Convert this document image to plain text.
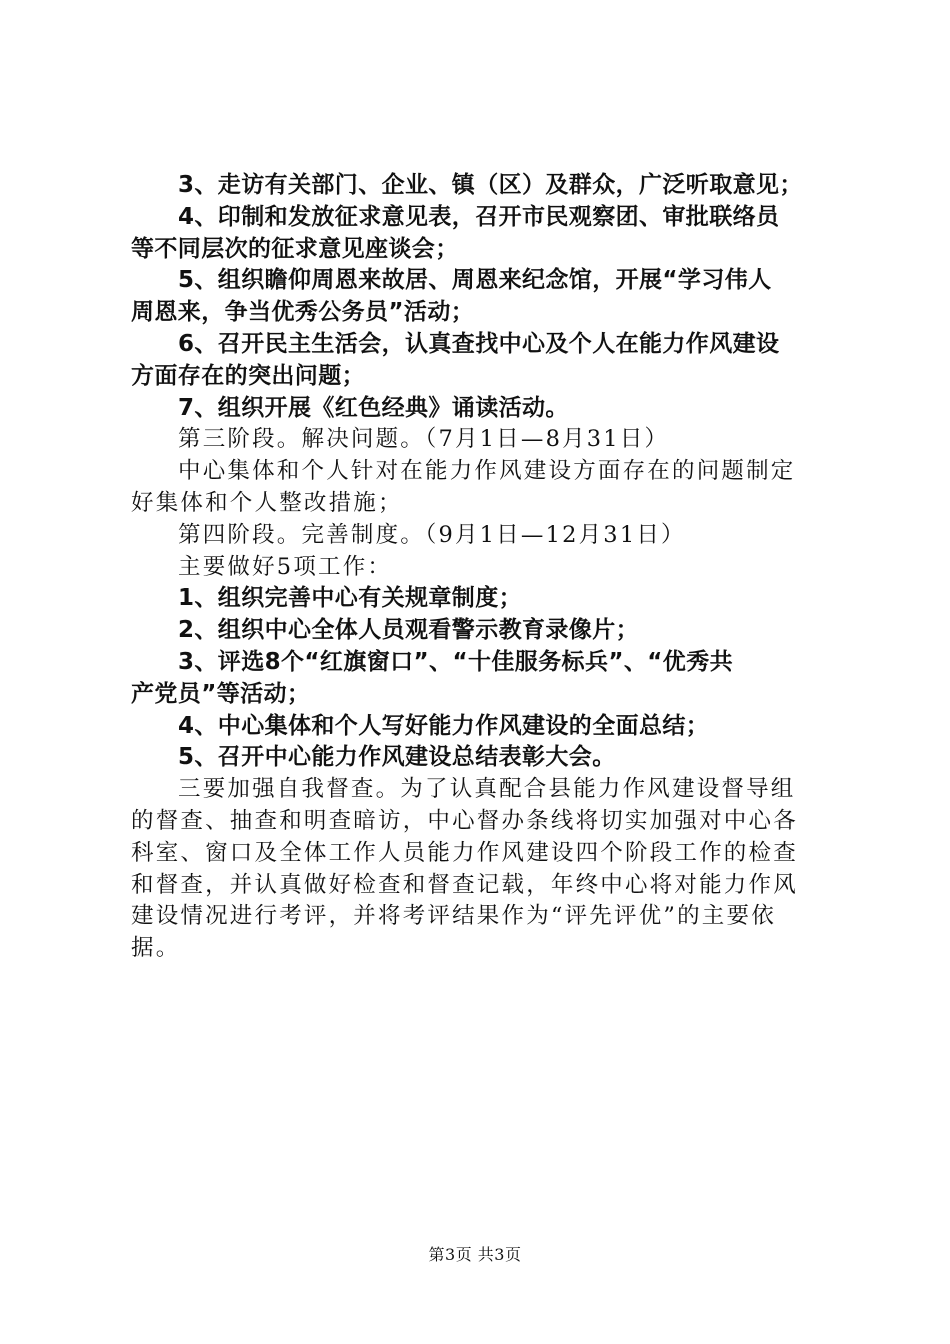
3、走访有关部门、企业、镇（区）及群众，广泛听取意见；
4、印制和发放征求意见表，召开市民观察团、审批联络员
等不同层次的征求意见座谈会；
5、组织瞻仰周恩来故居、周恩来纪念馆，开展“学习伟人
周恩来，争当优秀公务员”活动；
6、召开民主生活会，认真查找中心及个人在能力作风建设
方面存在的突出问题；
7、组织开展《红色经典》诵读活动。
第三阶段。解决问题。（7月1日—8月31日）
中心集体和个人针对在能力作风建设方面存在的问题制定
好集体和个人整改措施；
第四阶段。完善制度。（9月1日—12月31日）
主要做好5项工作：
1、组织完善中心有关规章制度；
2、组织中心全体人员观看警示教育录像片；
3、评选8个“红旗窗口”、“十佳服务标兵”、“优秀共
产党员”等活动；
4、中心集体和个人写好能力作风建设的全面总结；
5、召开中心能力作风建设总结表彰大会。
三要加强自我督查。为了认真配合县能力作风建设督导组
的督查、抽查和明查暗访，中心督办条线将切实加强对中心各
科室、窗口及全体工作人员能力作风建设四个阶段工作的检查
和督查，并认真做好检查和督查记载，年终中心将对能力作风
建设情况进行考评，并将考评结果作为“评先评优”的主要依
据。
第3页 共3页
